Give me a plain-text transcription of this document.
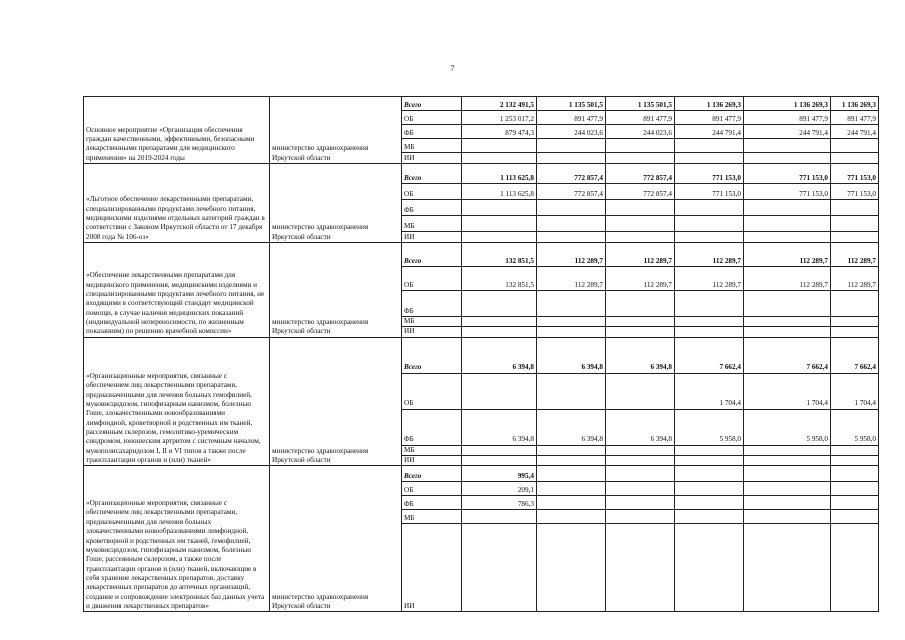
7
Основное мероприятие «Организация обеспечения граждан качественными, эффективными, безопасными лекарственными препаратами для медицинского применения» на 2019-2024 годы	министерство здравоохранения Иркутской области	Всего	2 132 491,5	1 135 501,5	1 135 501,5	1 136 269,3	1 136 269,3	1 136 269,3
		ОБ	1 253 017,2	891 477,9	891 477,9	891 477,9	891 477,9	891 477,9
		ФБ	879 474,3	244 023,6	244 023,6	244 791,4	244 791,4	244 791,4
		МБ						
		ИИ						
«Льготное обеспечение лекарственными препаратами, специализированными продуктами лечебного питания, медицинскими изделиями отдельных категорий граждан в соответствии с Законом Иркутской области от 17 декабря 2008 года № 106-оз»	министерство здравоохранения Иркутской области	Всего	1 113 625,8	772 857,4	772 857,4	771 153,0	771 153,0	771 153,0
		ОБ	1 113 625,8	772 857,4	772 857,4	771 153,0	771 153,0	771 153,0
		ФБ						
		МБ						
		ИИ						
«Обеспечение лекарственными препаратами для медицинского применения, медицинскими изделиями и специализированными продуктами лечебного питания, не входящими в соответствующий стандарт медицинской помощи, в случае наличия медицинских показаний (индивидуальной непереносимости, по жизненным показаниям) по решению врачебной комиссии»	министерство здравоохранения Иркутской области	Всего	132 851,5	112 289,7	112 289,7	112 289,7	112 289,7	112 289,7
		ОБ	132 851,5	112 289,7	112 289,7	112 289,7	112 289,7	112 289,7
		ФБ						
		МБ						
		ИИ						
«Организационные мероприятия, связанные с обеспечением лиц лекарственными препаратами, предназначенными для лечения больных гемофилией, муковисцидозом, гипофизарным нанизмом, болезнью Гоше, злокачественными новообразованиями лимфоидной, кроветворной и родственных им тканей, рассеянным склерозом, гемолитико-уремическим синдромом, юношеским артритом с системным началом, мукополисахаридозом I, II и VI типов а также после трансплантации органов и (или) тканей»	министерство здравоохранения Иркутской области	Всего	6 394,8	6 394,8	6 394,8	7 662,4	7 662,4	7 662,4
		ОБ				1 704,4	1 704,4	1 704,4
		ФБ	6 394,8	6 394,8	6 394,8	5 958,0	5 958,0	5 958,0
		МБ						
		ИИ						
«Организационные мероприятия, связанные с обеспечением лиц лекарственными препаратами, предназначенными для лечения больных злокачественными новообразованиями лимфоидной, кроветворной и родственных им тканей, гемофилией, муковисцидозом, гипофизарным нанизмом, болезнью Гоше, рассеянным склерозом, а также после трансплантации органов и (или) тканей, включающие в себя хранение лекарственных препаратов, доставку лекарственных препаратов до аптечных организаций, создание и сопровождение электронных баз данных учета и движения лекарственных препаратов»	министерство здравоохранения Иркутской области	Всего	995,4					
		ОБ	209,1					
		ФБ	786,3					
		МБ						
		ИИ						
